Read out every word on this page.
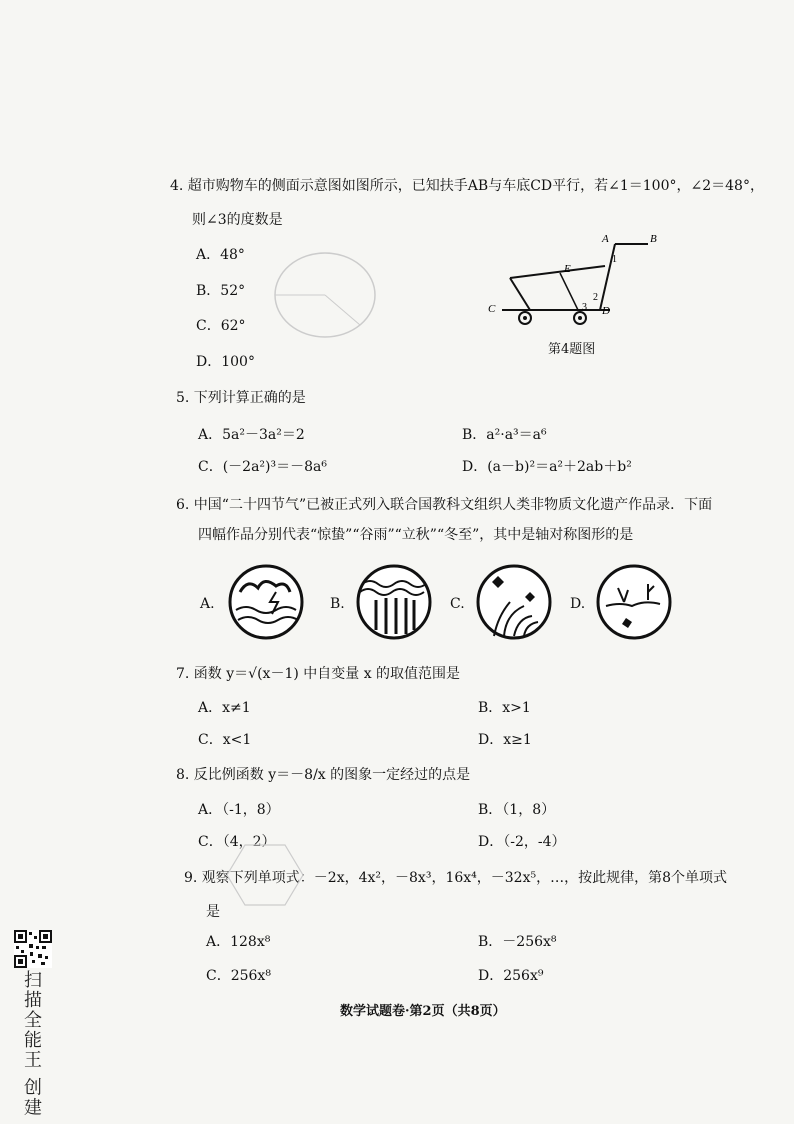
4. 超市购物车的侧面示意图如图所示，已知扶手AB与车底CD平行，若∠1＝100°，∠2＝48°，
则∠3的度数是
A．48°
B．52°
C．62°
D．100°
A	B
C	D
E
1
2
3
第4题图
5. 下列计算正确的是
A．5a²－3a²＝2	B．a²·a³＝a⁶
C．(－2a²)³＝－8a⁶	D．(a－b)²＝a²＋2ab＋b²
6. 中国“二十四节气”已被正式列入联合国教科文组织人类非物质文化遗产作品录．下面
四幅作品分别代表“惊蛰”“谷雨”“立秋”“冬至”，其中是轴对称图形的是
A.	B.	C.	D.
7. 函数 y＝√(x－1) 中自变量 x 的取值范围是
A．x≠1	B．x>1
C．x<1	D．x≥1
8. 反比例函数 y＝－8/x 的图象一定经过的点是
A．（-1，8）	B．（1，8）
C．（4，2）	D．（-2，-4）
9. 观察下列单项式：－2x，4x²，－8x³，16x⁴，－32x⁵，…，按此规律，第8个单项式
是
A．128x⁸	B．－256x⁸
C．256x⁸	D．256x⁹
数学试题卷·第2页（共8页）
扫描全能王 创建
